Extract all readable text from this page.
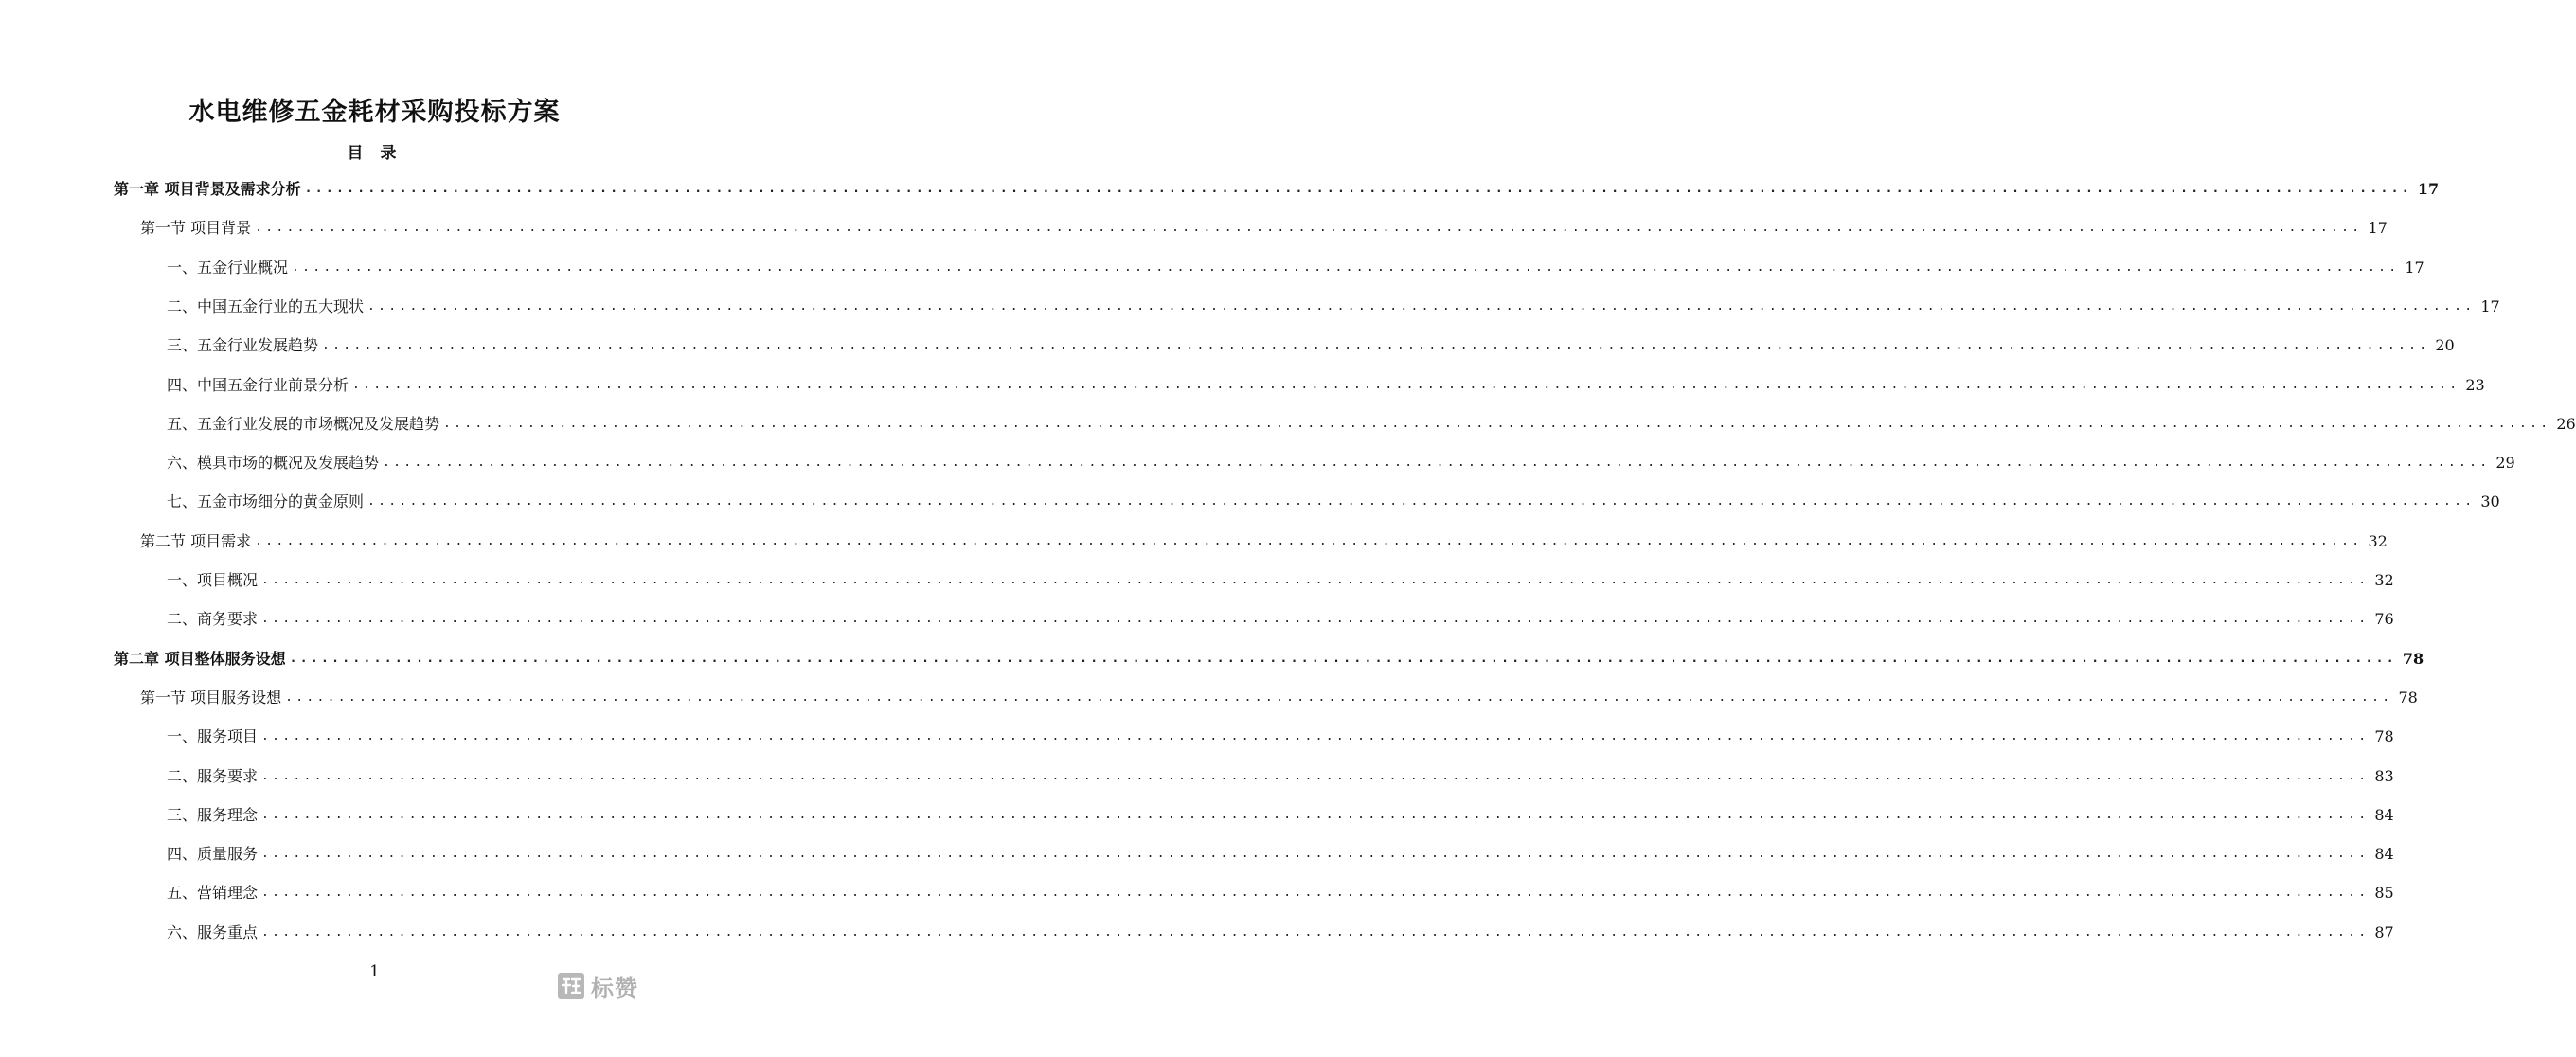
水电维修五金耗材采购投标方案
目 录
第一章 项目背景及需求分析 ........................................................................................................................................................................................................ 17
第一节 项目背景 ........................................................................................................................................................................................................ 17
一、五金行业概况 ........................................................................................................................................................................................................ 17
二、中国五金行业的五大现状 ........................................................................................................................................................................................................ 17
三、五金行业发展趋势 ........................................................................................................................................................................................................ 20
四、中国五金行业前景分析 ........................................................................................................................................................................................................ 23
五、五金行业发展的市场概况及发展趋势 ........................................................................................................................................................................................................ 26
六、模具市场的概况及发展趋势 ........................................................................................................................................................................................................ 29
七、五金市场细分的黄金原则 ........................................................................................................................................................................................................ 30
第二节 项目需求 ........................................................................................................................................................................................................ 32
一、项目概况 ........................................................................................................................................................................................................ 32
二、商务要求 ........................................................................................................................................................................................................ 76
第二章 项目整体服务设想 ........................................................................................................................................................................................................ 78
第一节 项目服务设想 ........................................................................................................................................................................................................ 78
一、服务项目 ........................................................................................................................................................................................................ 78
二、服务要求 ........................................................................................................................................................................................................ 83
三、服务理念 ........................................................................................................................................................................................................ 84
四、质量服务 ........................................................................................................................................................................................................ 84
五、营销理念 ........................................................................................................................................................................................................ 85
六、服务重点 ........................................................................................................................................................................................................ 87
1
标赞
